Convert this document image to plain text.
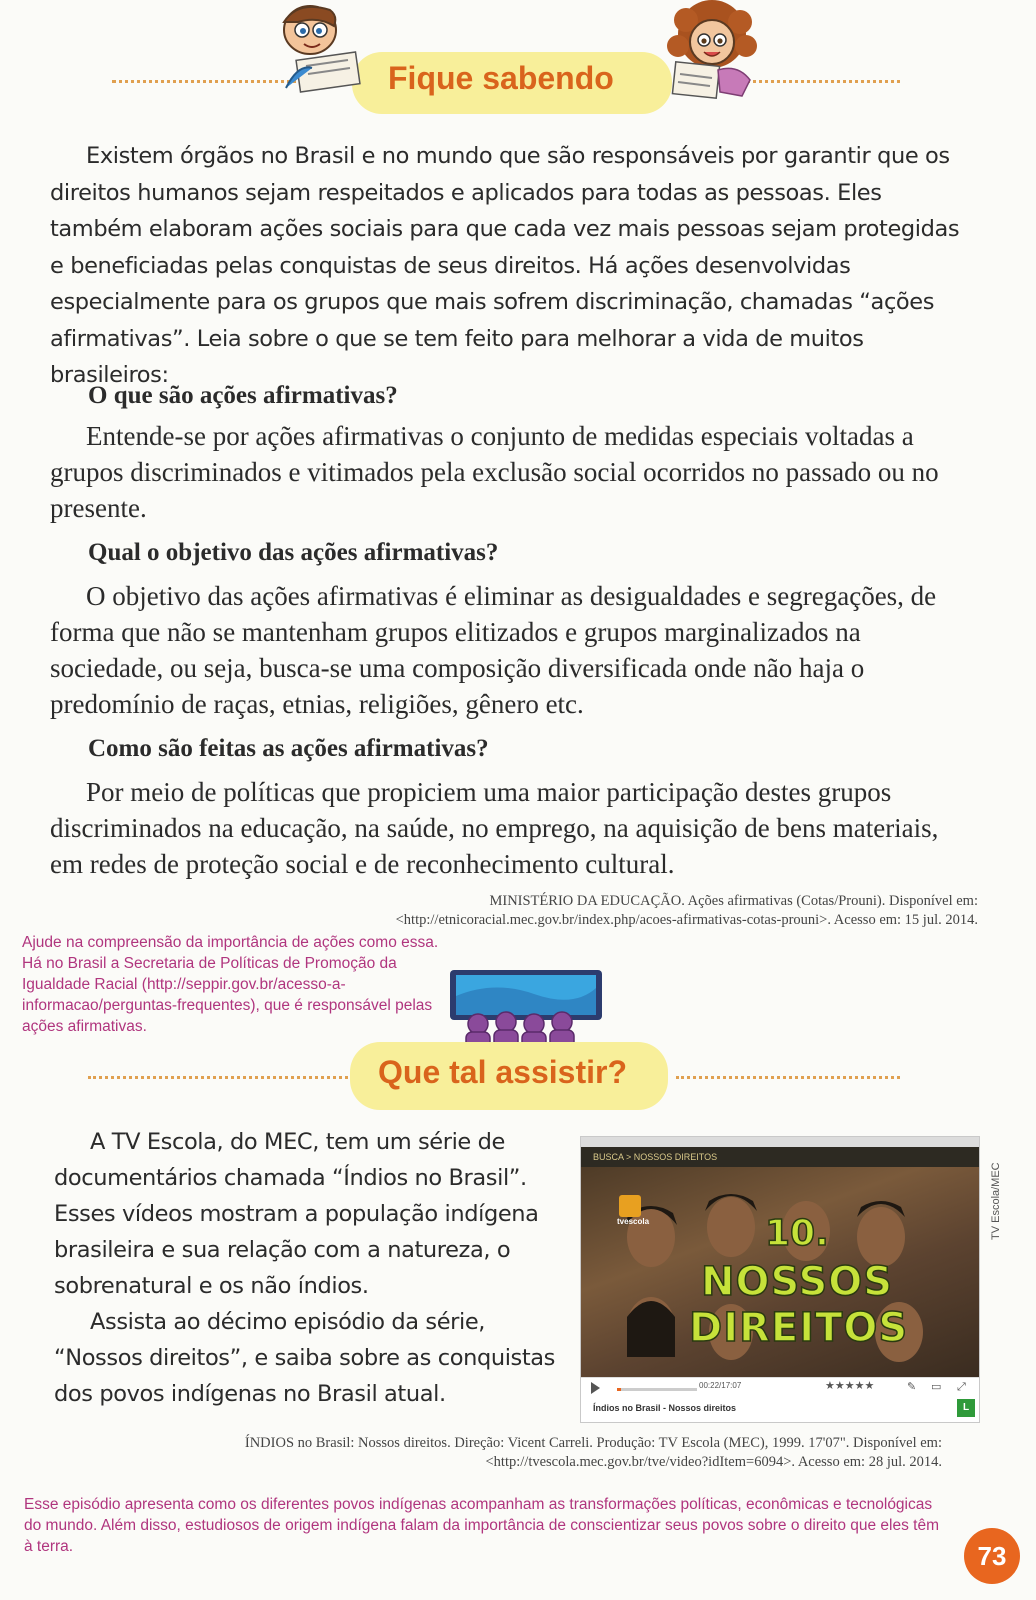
Fique sabendo

Existem órgãos no Brasil e no mundo que são responsáveis por garantir que os direitos humanos sejam respeitados e aplicados para todas as pessoas. Eles também elaboram ações sociais para que cada vez mais pessoas sejam protegidas e beneficiadas pelas conquistas de seus direitos. Há ações desenvolvidas especialmente para os grupos que mais sofrem discriminação, chamadas “ações afirmativas”. Leia sobre o que se tem feito para melhorar a vida de muitos brasileiros:

O que são ações afirmativas?

Entende-se por ações afirmativas o conjunto de medidas especiais voltadas a grupos discriminados e vitimados pela exclusão social ocorridos no passado ou no presente.

Qual o objetivo das ações afirmativas?

O objetivo das ações afirmativas é eliminar as desigualdades e segregações, de forma que não se mantenham grupos elitizados e grupos marginalizados na sociedade, ou seja, busca-se uma composição diversificada onde não haja o predomínio de raças, etnias, religiões, gênero etc.

Como são feitas as ações afirmativas?

Por meio de políticas que propiciem uma maior participação destes grupos discriminados na educação, na saúde, no emprego, na aquisição de bens materiais, em redes de proteção social e de reconhecimento cultural.

MINISTÉRIO DA EDUCAÇÃO. Ações afirmativas (Cotas/Prouni). Disponível em:
<http://etnicoracial.mec.gov.br/index.php/acoes-afirmativas-cotas-prouni>. Acesso em: 15 jul. 2014.
Ajude na compreensão da importância de ações como essa. Há no Brasil a Secretaria de Políticas de Promoção da Igualdade Racial (http://seppir.gov.br/acesso-a-informacao/perguntas-frequentes), que é responsável pelas ações afirmativas.
Que tal assistir?

A TV Escola, do MEC, tem um série de documentários chamada “Índios no Brasil”. Esses vídeos mostram a população indígena brasileira e sua relação com a natureza, o sobrenatural e os não índios.

Assista ao décimo episódio da série, “Nossos direitos”, e saiba sobre as conquistas dos povos indígenas no Brasil atual.

BUSCA > NOSSOS DIREITOS
tvescola	10.
NOSSOS
DIREITOS
00:22/17:07	★★★★★	✎ ▭ ⤢
Índios no Brasil - Nossos direitos	L
TV Escola/MEC
ÍNDIOS no Brasil: Nossos direitos. Direção: Vicent Carreli. Produção: TV Escola (MEC), 1999. 17'07". Disponível em:
<http://tvescola.mec.gov.br/tve/video?idItem=6094>. Acesso em: 28 jul. 2014.
Esse episódio apresenta como os diferentes povos indígenas acompanham as transformações políticas, econômicas e tecnológicas do mundo. Além disso, estudiosos de origem indígena falam da importância de conscientizar seus povos sobre o direito que eles têm à terra.	73
